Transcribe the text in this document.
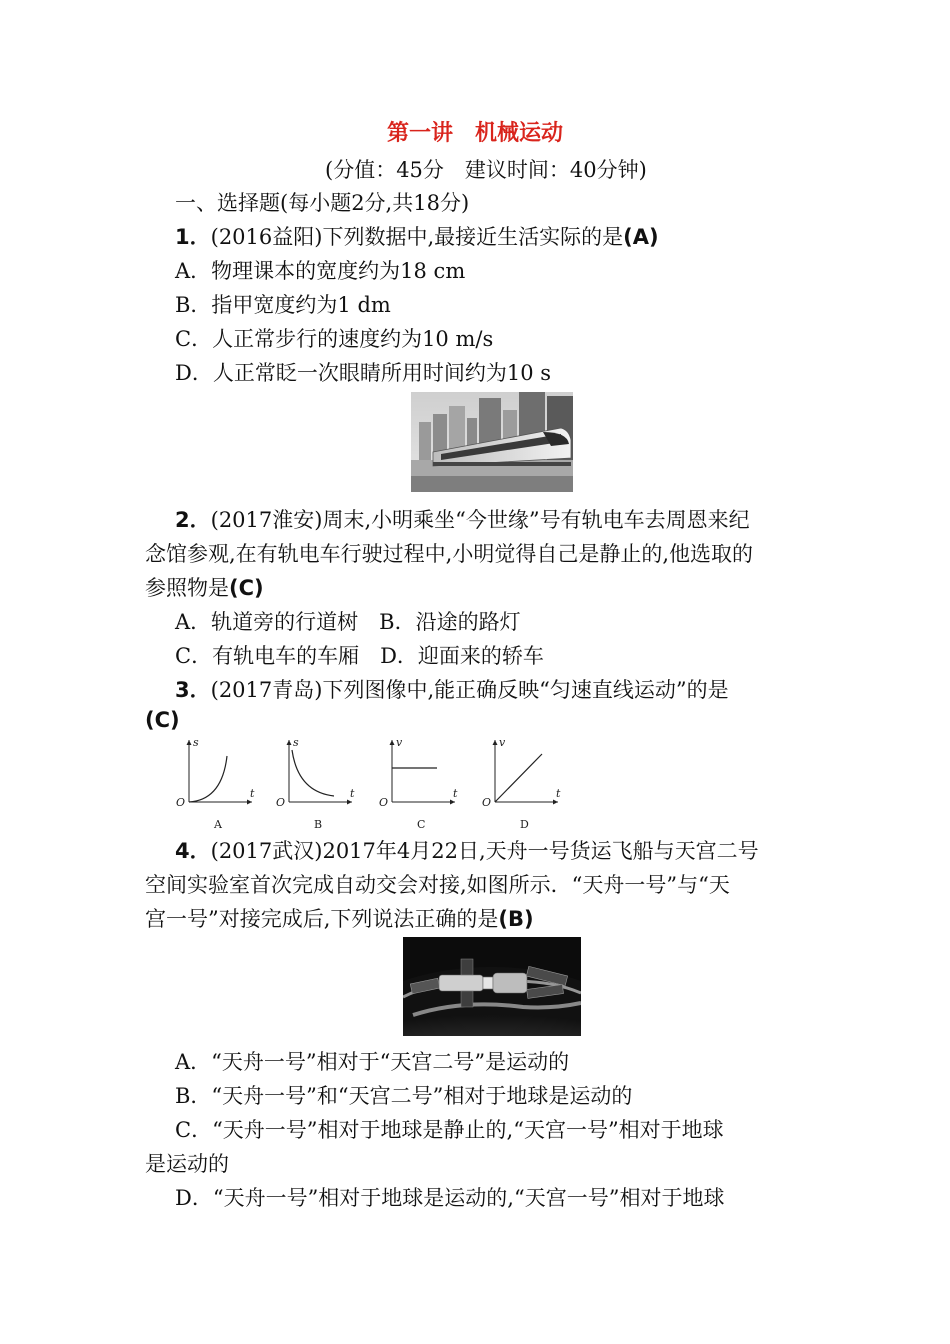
第一讲　机械运动
(分值：45分　建议时间：40分钟)
一、选择题(每小题2分,共18分)
1．(2016益阳)下列数据中,最接近生活实际的是(A)
A．物理课本的宽度约为18 cm
B．指甲宽度约为1 dm
C．人正常步行的速度约为10 m/s
D．人正常眨一次眼睛所用时间约为10 s
2．(2017淮安)周末,小明乘坐“今世缘”号有轨电车去周恩来纪
念馆参观,在有轨电车行驶过程中,小明觉得自己是静止的,他选取的
参照物是(C)
A．轨道旁的行道树　B．沿途的路灯
C．有轨电车的车厢　D．迎面来的轿车
3．(2017青岛)下列图像中,能正确反映“匀速直线运动”的是
(C)
s
t
O
A
s
t
O
B
v
t
O
C
v
t
O
D
4．(2017武汉)2017年4月22日,天舟一号货运飞船与天宫二号
空间实验室首次完成自动交会对接,如图所示．“天舟一号”与“天
宫一号”对接完成后,下列说法正确的是(B)
A．“天舟一号”相对于“天宫二号”是运动的
B．“天舟一号”和“天宫二号”相对于地球是运动的
C．“天舟一号”相对于地球是静止的,“天宫一号”相对于地球
是运动的
D．“天舟一号”相对于地球是运动的,“天宫一号”相对于地球
